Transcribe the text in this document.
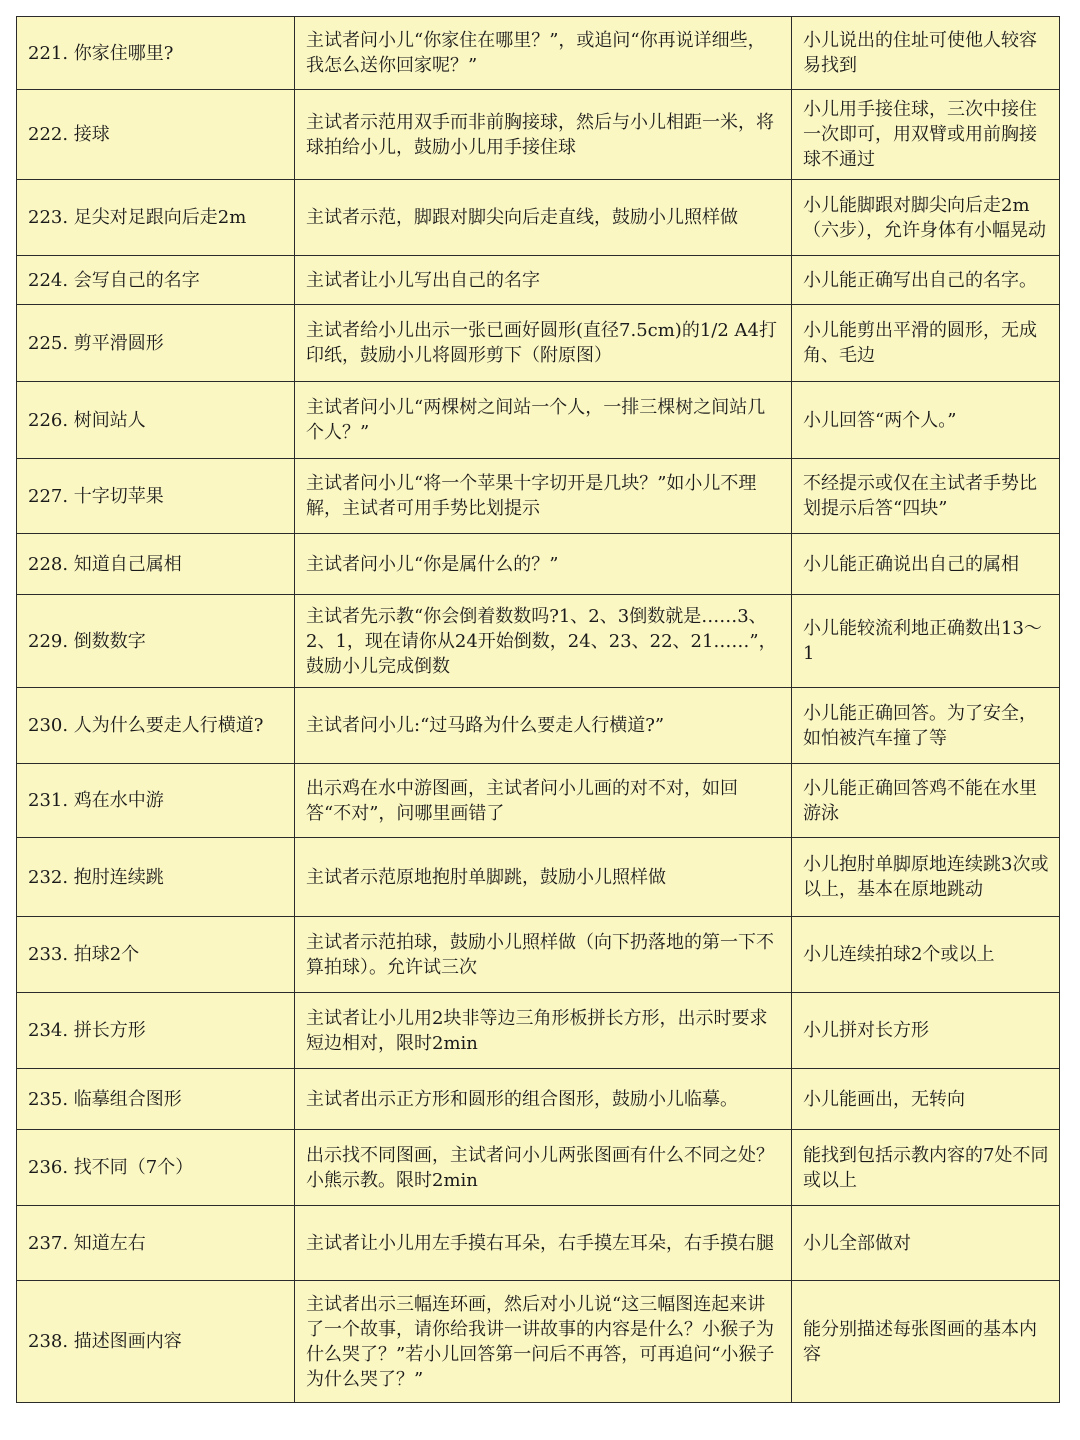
221. 你家住哪里?	主试者问小儿“你家住在哪里？”，或追问“你再说详细些，我怎么送你回家呢？”	小儿说出的住址可使他人较容易找到
222. 接球	主试者示范用双手而非前胸接球，然后与小儿相距一米，将球拍给小儿，鼓励小儿用手接住球	小儿用手接住球，三次中接住一次即可，用双臂或用前胸接球不通过
223. 足尖对足跟向后走2m	主试者示范，脚跟对脚尖向后走直线，鼓励小儿照样做	小儿能脚跟对脚尖向后走2m（六步），允许身体有小幅晃动
224. 会写自己的名字	主试者让小儿写出自己的名字	小儿能正确写出自己的名字。
225. 剪平滑圆形	主试者给小儿出示一张已画好圆形(直径7.5cm)的1/2 A4打印纸，鼓励小儿将圆形剪下（附原图）	小儿能剪出平滑的圆形，无成角、毛边
226. 树间站人	主试者问小儿“两棵树之间站一个人，一排三棵树之间站几个人？”	小儿回答“两个人。”
227. 十字切苹果	主试者问小儿“将一个苹果十字切开是几块？”如小儿不理解，主试者可用手势比划提示	不经提示或仅在主试者手势比划提示后答“四块”
228. 知道自己属相	主试者问小儿“你是属什么的？”	小儿能正确说出自己的属相
229. 倒数数字	主试者先示教“你会倒着数数吗?1、2、3倒数就是……3、2、1，现在请你从24开始倒数，24、23、22、21……”，鼓励小儿完成倒数	小儿能较流利地正确数出13～1
230. 人为什么要走人行横道?	主试者问小儿:“过马路为什么要走人行横道?”	小儿能正确回答。为了安全，如怕被汽车撞了等
231. 鸡在水中游	出示鸡在水中游图画，主试者问小儿画的对不对，如回答“不对”，问哪里画错了	小儿能正确回答鸡不能在水里游泳
232. 抱肘连续跳	主试者示范原地抱肘单脚跳，鼓励小儿照样做	小儿抱肘单脚原地连续跳3次或以上，基本在原地跳动
233. 拍球2个	主试者示范拍球，鼓励小儿照样做（向下扔落地的第一下不算拍球）。允许试三次	小儿连续拍球2个或以上
234. 拼长方形	主试者让小儿用2块非等边三角形板拼长方形，出示时要求短边相对，限时2min	小儿拼对长方形
235. 临摹组合图形	主试者出示正方形和圆形的组合图形，鼓励小儿临摹。	小儿能画出，无转向
236. 找不同（7个）	出示找不同图画，主试者问小儿两张图画有什么不同之处？小熊示教。限时2min	能找到包括示教内容的7处不同或以上
237. 知道左右	主试者让小儿用左手摸右耳朵，右手摸左耳朵，右手摸右腿	小儿全部做对
238. 描述图画内容	主试者出示三幅连环画，然后对小儿说“这三幅图连起来讲了一个故事，请你给我讲一讲故事的内容是什么？小猴子为什么哭了？”若小儿回答第一问后不再答，可再追问“小猴子为什么哭了？”	能分别描述每张图画的基本内容
